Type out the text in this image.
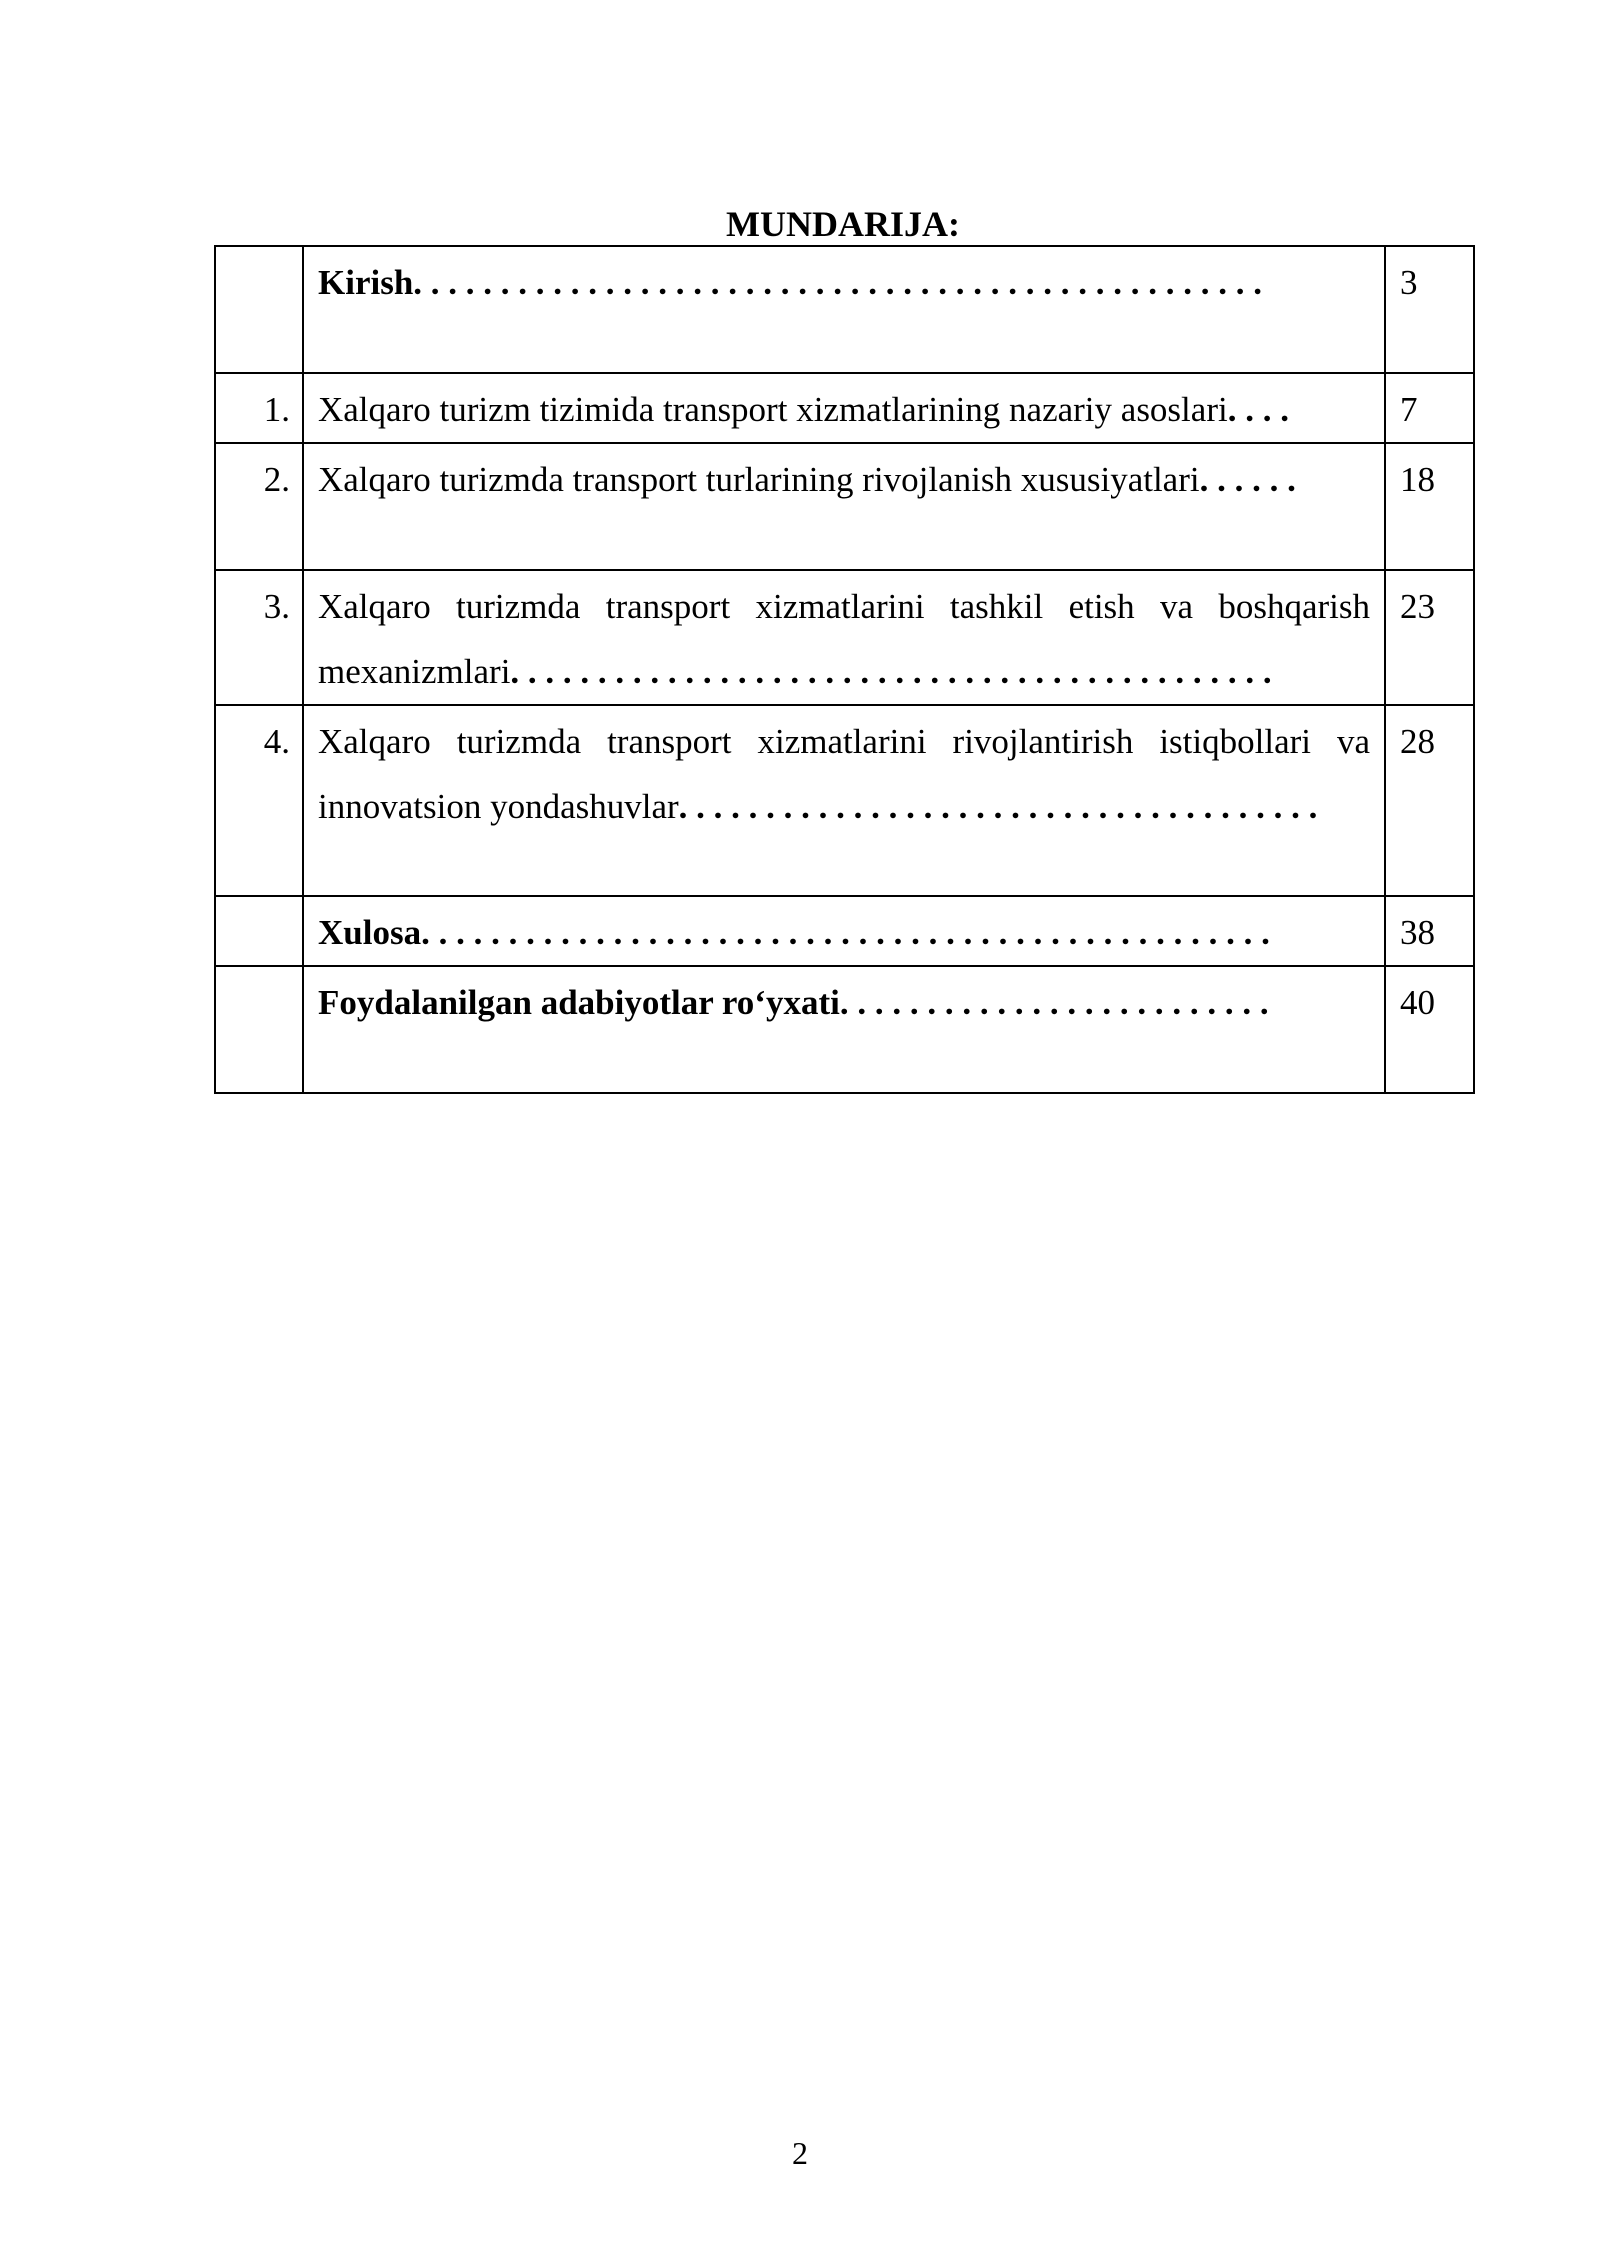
MUNDARIJA:
	Kirish. . . . . . . . . . . . . . . . . . . . . . . . . . . . . . . . . . . . . . . . . . . . . . . . .	3

1.	Xalqaro turizm tizimida transport xizmatlarining nazariy asoslari. . . .	7

2.	Xalqaro turizmda transport turlarining rivojlanish xususiyatlari. . . . . .	18

3.	Xalqaro turizmda transport xizmatlarini tashkil etish va boshqarish mexanizmlari. . . . . . . . . . . . . . . . . . . . . . . . . . . . . . . . . . . . . . . . . . . .	23

4.	Xalqaro turizmda transport xizmatlarini rivojlantirish istiqbollari va innovatsion yondashuvlar. . . . . . . . . . . . . . . . . . . . . . . . . . . . . . . . . . . . .	28

	Xulosa. . . . . . . . . . . . . . . . . . . . . . . . . . . . . . . . . . . . . . . . . . . . . . . . .	38

	Foydalanilgan adabiyotlar ro‘yxati. . . . . . . . . . . . . . . . . . . . . . . . .	40
2
